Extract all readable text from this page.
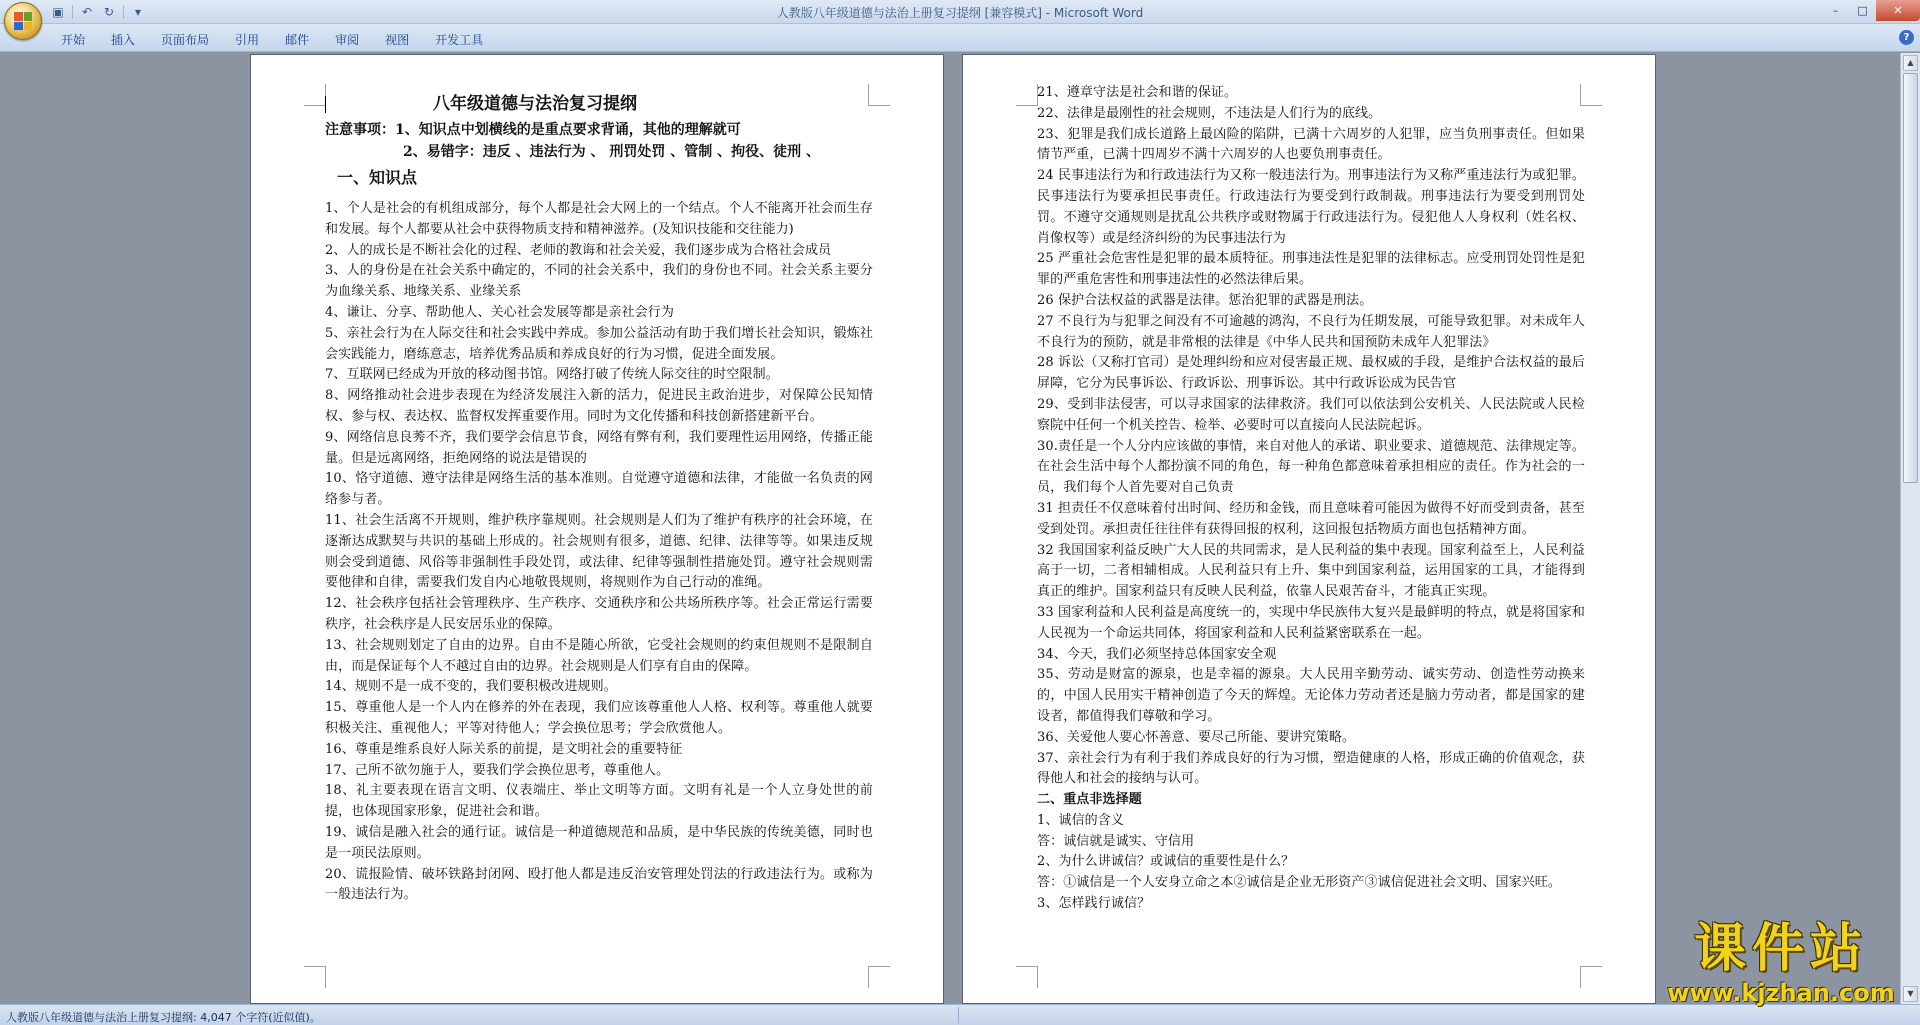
▣ ↶ ↻	▾	人教版八年级道德与法治上册复习提纲 [兼容模式] - Microsoft Word	–	□	✕
开始	插入	页面布局	引用	邮件	审阅	视图	开发工具	?
八年级道德与法治复习提纲
注意事项：1、知识点中划横线的是重点要求背诵，其他的理解就可
2、易错字：违反 、违法行为 、 刑罚处罚 、管制 、拘役、徒刑 、
一、知识点
1、个人是社会的有机组成部分，每个人都是社会大网上的一个结点。个人不能离开社会而生存和发展。每个人都要从社会中获得物质支持和精神滋养。(及知识技能和交往能力)
2、人的成长是不断社会化的过程、老师的教诲和社会关爱，我们逐步成为合格社会成员
3、人的身份是在社会关系中确定的，不同的社会关系中，我们的身份也不同。社会关系主要分为血缘关系、地缘关系、业缘关系
4、谦让、分享、帮助他人、关心社会发展等都是亲社会行为
5、亲社会行为在人际交往和社会实践中养成。参加公益活动有助于我们增长社会知识，锻炼社会实践能力，磨练意志，培养优秀品质和养成良好的行为习惯，促进全面发展。
7、互联网已经成为开放的移动图书馆。网络打破了传统人际交往的时空限制。
8、网络推动社会进步表现在为经济发展注入新的活力，促进民主政治进步，对保障公民知情权、参与权、表达权、监督权发挥重要作用。同时为文化传播和科技创新搭建新平台。
9、网络信息良莠不齐，我们要学会信息节食，网络有弊有利，我们要理性运用网络，传播正能量。但是远离网络，拒绝网络的说法是错误的
10、恪守道德、遵守法律是网络生活的基本准则。自觉遵守道德和法律，才能做一名负责的网络参与者。
11、社会生活离不开规则，维护秩序靠规则。社会规则是人们为了维护有秩序的社会环境，在逐渐达成默契与共识的基础上形成的。社会规则有很多，道德、纪律、法律等等。如果违反规则会受到道德、风俗等非强制性手段处罚，或法律、纪律等强制性措施处罚。遵守社会规则需要他律和自律，需要我们发自内心地敬畏规则，将规则作为自己行动的准绳。
12、社会秩序包括社会管理秩序、生产秩序、交通秩序和公共场所秩序等。社会正常运行需要秩序，社会秩序是人民安居乐业的保障。
13、社会规则划定了自由的边界。自由不是随心所欲，它受社会规则的约束但规则不是限制自由，而是保证每个人不越过自由的边界。社会规则是人们享有自由的保障。
14、规则不是一成不变的，我们要积极改进规则。
15、尊重他人是一个人内在修养的外在表现，我们应该尊重他人人格、权利等。尊重他人就要积极关注、重视他人；平等对待他人；学会换位思考；学会欣赏他人。
16、尊重是维系良好人际关系的前提，是文明社会的重要特征
17、己所不欲勿施于人，要我们学会换位思考，尊重他人。
18、礼主要表现在语言文明、仪表端庄、举止文明等方面。文明有礼是一个人立身处世的前提，也体现国家形象，促进社会和谐。
19、诚信是融入社会的通行证。诚信是一种道德规范和品质，是中华民族的传统美德，同时也是一项民法原则。
20、谎报险情、破坏铁路封闭网、殴打他人都是违反治安管理处罚法的行政违法行为。或称为一般违法行为。
21、遵章守法是社会和谐的保证。
22、法律是最刚性的社会规则，不违法是人们行为的底线。
23、犯罪是我们成长道路上最凶险的陷阱，已满十六周岁的人犯罪，应当负刑事责任。但如果情节严重，已满十四周岁不满十六周岁的人也要负刑事责任。
24 民事违法行为和行政违法行为又称一般违法行为。刑事违法行为又称严重违法行为或犯罪。民事违法行为要承担民事责任。行政违法行为要受到行政制裁。刑事违法行为要受到刑罚处罚。不遵守交通规则是扰乱公共秩序或财物属于行政违法行为。侵犯他人人身权利（姓名权、肖像权等）或是经济纠纷的为民事违法行为
25 严重社会危害性是犯罪的最本质特征。刑事违法性是犯罪的法律标志。应受刑罚处罚性是犯罪的严重危害性和刑事违法性的必然法律后果。
26 保护合法权益的武器是法律。惩治犯罪的武器是刑法。
27 不良行为与犯罪之间没有不可逾越的鸿沟，不良行为任期发展，可能导致犯罪。对未成年人不良行为的预防，就是非常根的法律是《中华人民共和国预防未成年人犯罪法》
28 诉讼（又称打官司）是处理纠纷和应对侵害最正规、最权威的手段，是维护合法权益的最后屏障，它分为民事诉讼、行政诉讼、刑事诉讼。其中行政诉讼成为民告官
29、受到非法侵害，可以寻求国家的法律救济。我们可以依法到公安机关、人民法院或人民检察院中任何一个机关控告、检举、必要时可以直接向人民法院起诉。
30.责任是一个人分内应该做的事情，来自对他人的承诺、职业要求、道德规范、法律规定等。在社会生活中每个人都扮演不同的角色，每一种角色都意味着承担相应的责任。作为社会的一员，我们每个人首先要对自己负责
31 担责任不仅意味着付出时间、经历和金钱，而且意味着可能因为做得不好而受到责备，甚至受到处罚。承担责任往往伴有获得回报的权利，这回报包括物质方面也包括精神方面。
32 我国国家利益反映广大人民的共同需求，是人民利益的集中表现。国家利益至上，人民利益高于一切，二者相辅相成。人民利益只有上升、集中到国家利益，运用国家的工具，才能得到真正的维护。国家利益只有反映人民利益，依靠人民艰苦奋斗，才能真正实现。
33 国家利益和人民利益是高度统一的，实现中华民族伟大复兴是最鲜明的特点，就是将国家和人民视为一个命运共同体，将国家利益和人民利益紧密联系在一起。
34、今天，我们必须坚持总体国家安全观
35、劳动是财富的源泉，也是幸福的源泉。大人民用辛勤劳动、诚实劳动、创造性劳动换来的，中国人民用实干精神创造了今天的辉煌。无论体力劳动者还是脑力劳动者，都是国家的建设者，都值得我们尊敬和学习。
36、关爱他人要心怀善意、要尽己所能、要讲究策略。
37、亲社会行为有利于我们养成良好的行为习惯，塑造健康的人格，形成正确的价值观念，获得他人和社会的接纳与认可。
二、重点非选择题
1、诚信的含义
答：诚信就是诚实、守信用
2、为什么讲诚信？或诚信的重要性是什么？
答：①诚信是一个人安身立命之本②诚信是企业无形资产③诚信促进社会文明、国家兴旺。
3、怎样践行诚信？
▲
▼
人教版八年级道德与法治上册复习提纲: 4,047 个字符(近似值)。
课件站
www.kjzhan.com
